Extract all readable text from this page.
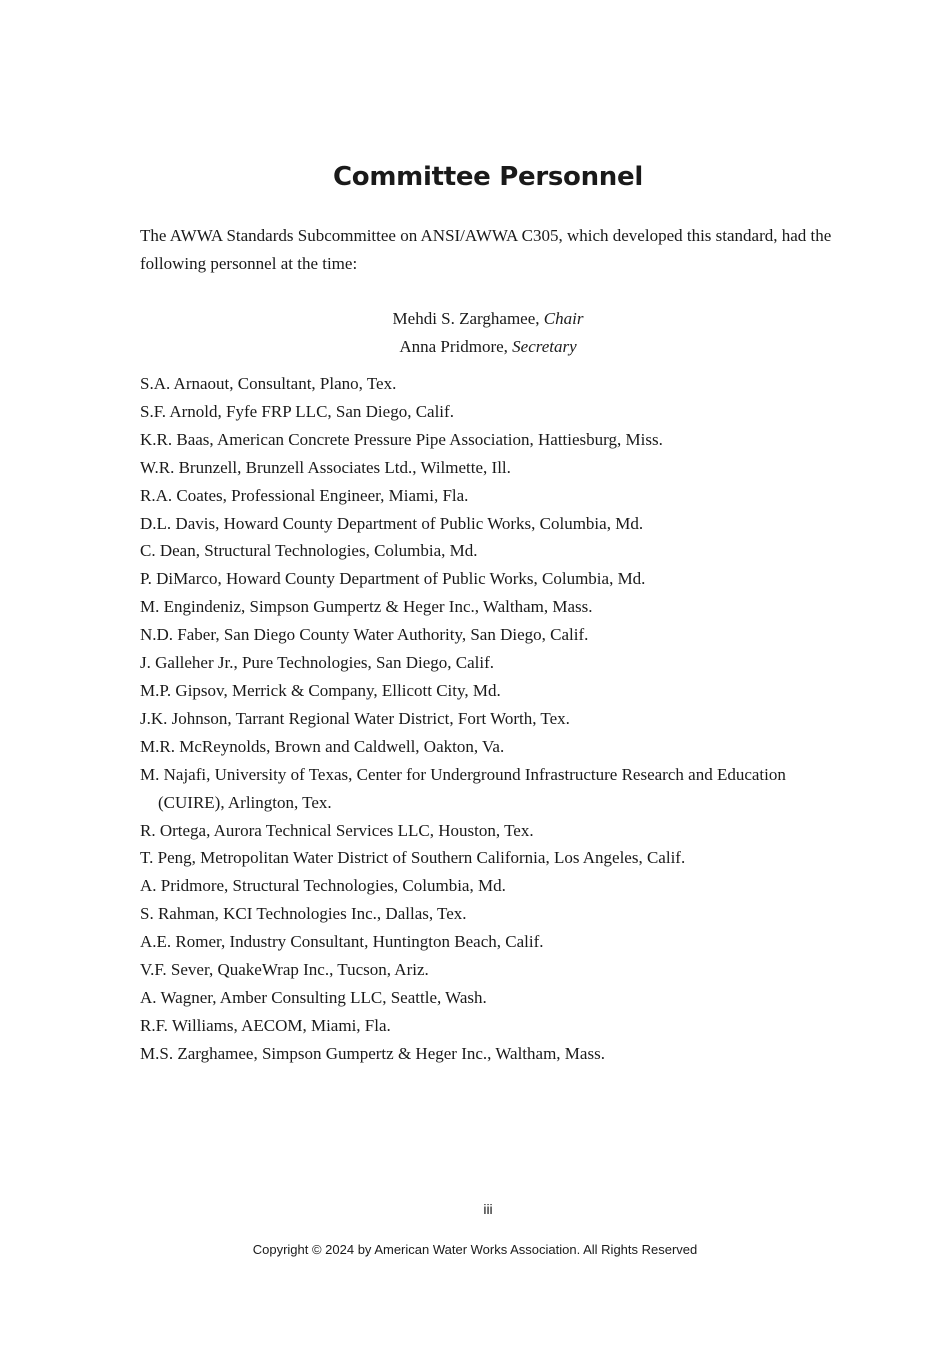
Committee Personnel

The AWWA Standards Subcommittee on ANSI/AWWA C305, which developed this standard, had the following personnel at the time:

Mehdi S. Zarghamee, Chair
Anna Pridmore, Secretary
S.A. Arnaout, Consultant, Plano, Tex.
S.F. Arnold, Fyfe FRP LLC, San Diego, Calif.
K.R. Baas, American Concrete Pressure Pipe Association, Hattiesburg, Miss.
W.R. Brunzell, Brunzell Associates Ltd., Wilmette, Ill.
R.A. Coates, Professional Engineer, Miami, Fla.
D.L. Davis, Howard County Department of Public Works, Columbia, Md.
C. Dean, Structural Technologies, Columbia, Md.
P. DiMarco, Howard County Department of Public Works, Columbia, Md.
M. Engindeniz, Simpson Gumpertz & Heger Inc., Waltham, Mass.
N.D. Faber, San Diego County Water Authority, San Diego, Calif.
J. Galleher Jr., Pure Technologies, San Diego, Calif.
M.P. Gipsov, Merrick & Company, Ellicott City, Md.
J.K. Johnson, Tarrant Regional Water District, Fort Worth, Tex.
M.R. McReynolds, Brown and Caldwell, Oakton, Va.
M. Najafi, University of Texas, Center for Underground Infrastructure Research and Education (CUIRE), Arlington, Tex.
R. Ortega, Aurora Technical Services LLC, Houston, Tex.
T. Peng, Metropolitan Water District of Southern California, Los Angeles, Calif.
A. Pridmore, Structural Technologies, Columbia, Md.
S. Rahman, KCI Technologies Inc., Dallas, Tex.
A.E. Romer, Industry Consultant, Huntington Beach, Calif.
V.F. Sever, QuakeWrap Inc., Tucson, Ariz.
A. Wagner, Amber Consulting LLC, Seattle, Wash.
R.F. Williams, AECOM, Miami, Fla.
M.S. Zarghamee, Simpson Gumpertz & Heger Inc., Waltham, Mass.
iii
Copyright © 2024 by American Water Works Association. All Rights Reserved
